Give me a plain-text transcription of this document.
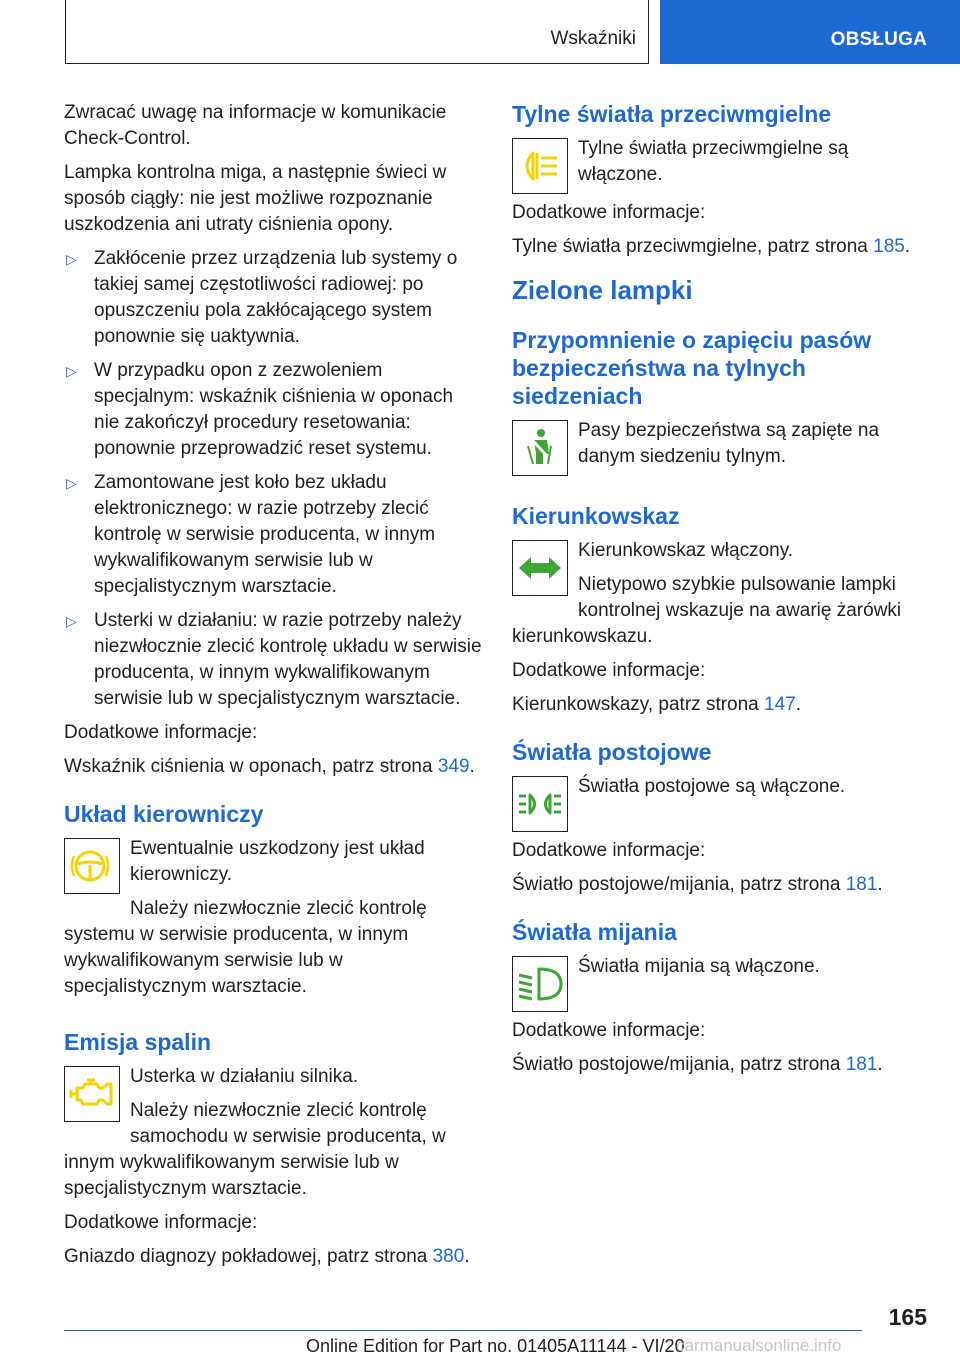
Wskaźniki	OBSŁUGA

Zwracać uwagę na informacje w komunikacie Check-Control.

Lampka kontrolna miga, a następnie świeci w sposób ciągły: nie jest możliwe rozpoznanie uszkodzenia ani utraty ciśnienia opony.

▷ Zakłócenie przez urządzenia lub systemy o takiej samej częstotliwości radiowej: po opuszczeniu pola zakłócającego system ponownie się uaktywnia.
▷ W przypadku opon z zezwoleniem specjalnym: wskaźnik ciśnienia w oponach nie zakończył procedury resetowania: ponownie przeprowadzić reset systemu.
▷ Zamontowane jest koło bez układu elektronicznego: w razie potrzeby zlecić kontrolę w serwisie producenta, w innym wykwalifikowanym serwisie lub w specjalistycznym warsztacie.
▷ Usterki w działaniu: w razie potrzeby należy niezwłocznie zlecić kontrolę układu w serwisie producenta, w innym wykwalifikowanym serwisie lub w specjalistycznym warsztacie.

Dodatkowe informacje:

Wskaźnik ciśnienia w oponach, patrz strona 349.

Układ kierowniczy

Ewentualnie uszkodzony jest układ kierowniczy.

Należy niezwłocznie zlecić kontrolę systemu w serwisie producenta, w innym wykwalifikowanym serwisie lub w specjalistycznym warsztacie.

Emisja spalin

Usterka w działaniu silnika.

Należy niezwłocznie zlecić kontrolę samochodu w serwisie producenta, w innym wykwalifikowanym serwisie lub w specjalistycznym warsztacie.

Dodatkowe informacje:

Gniazdo diagnozy pokładowej, patrz strona 380.

Tylne światła przeciwmgielne

Tylne światła przeciwmgielne są włączone.

Dodatkowe informacje:

Tylne światła przeciwmgielne, patrz strona 185.

Zielone lampki
Przypomnienie o zapięciu pasów bezpieczeństwa na tylnych siedzeniach

Pasy bezpieczeństwa są zapięte na danym siedzeniu tylnym.

Kierunkowskaz

Kierunkowskaz włączony.

Nietypowo szybkie pulsowanie lampki kontrolnej wskazuje na awarię żarówki kierunkowskazu.

Dodatkowe informacje:

Kierunkowskazy, patrz strona 147.

Światła postojowe

Światła postojowe są włączone.

Dodatkowe informacje:

Światło postojowe/mijania, patrz strona 181.

Światła mijania

Światła mijania są włączone.

Dodatkowe informacje:

Światło postojowe/mijania, patrz strona 181.

165
Online Edition for Part no. 01405A11144 - VI/20
carmanualsonline.info
